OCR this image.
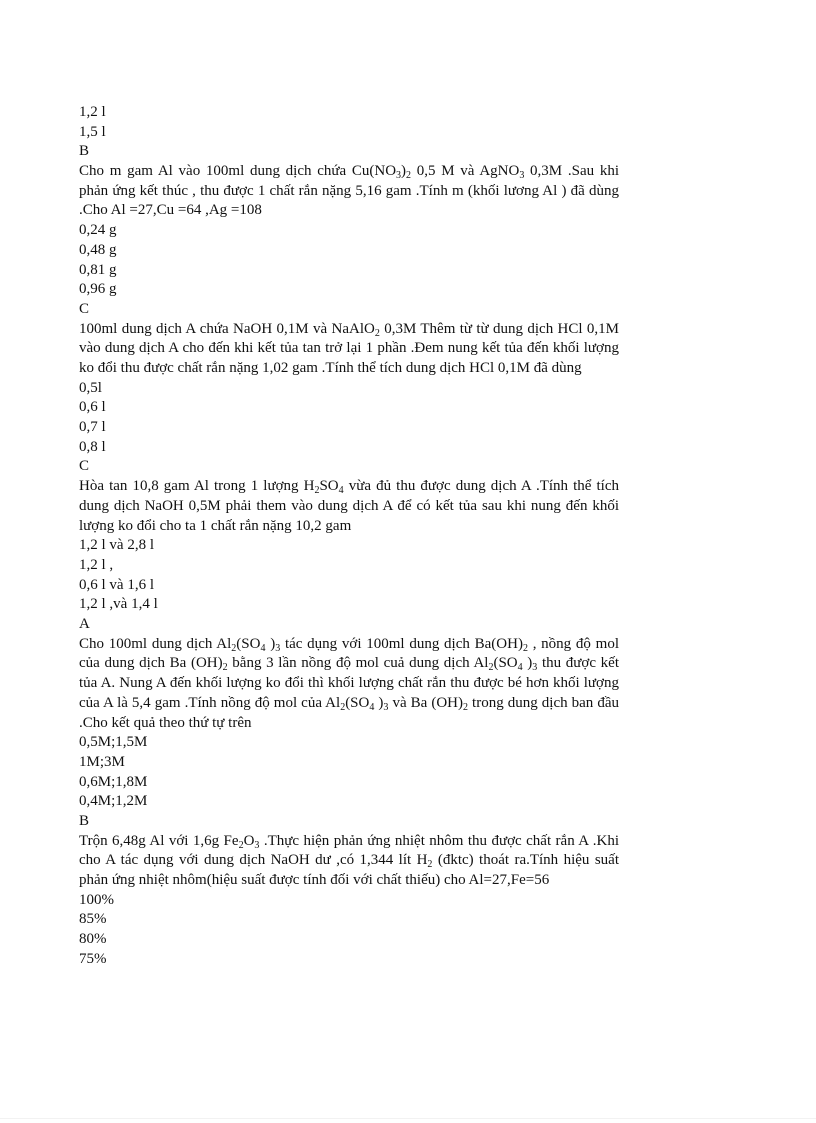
1,2 l
1,5 l
B
Cho m gam Al vào 100ml dung dịch chứa $Cu(NO_3)_2$ 0,5 M và AgNO$_3$ 0,3M .Sau khi phản ứng kết thúc , thu được 1 chất rắn nặng 5,16 gam .Tính m (khối lương Al ) đã dùng .Cho Al =27,Cu =64 ,Ag =108
0,24 g
0,48 g
0,81 g
0,96 g
C
100ml dung dịch A chứa NaOH 0,1M và NaAlO$_2$ 0,3M Thêm từ từ dung dịch HCl 0,1M vào dung dịch A cho đến khi kết tủa tan trở lại 1 phần .Đem nung kết tủa đến khối lượng ko đổi thu được chất rắn nặng 1,02 gam .Tính thể tích dung dịch HCl 0,1M đã dùng
0,5l
0,6 l
0,7 l
0,8 l
C
Hòa tan 10,8 gam Al trong 1 lượng $H_2SO_4$ vừa đủ thu được dung dịch A .Tính thể tích dung dịch NaOH 0,5M phải them vào dung dịch A để có kết tủa sau khi nung đến khối lượng ko đổi cho ta 1 chất rắn nặng 10,2 gam
1,2 l và 2,8 l
1,2 l ,
0,6 l và 1,6 l
1,2 l ,và 1,4 l
A
Cho 100ml dung dịch $Al_2(SO_4$ )$_3$ tác dụng với 100ml dung dịch $Ba(OH)_2$ , nồng độ mol của dung dịch Ba $(OH)_2$ bằng 3 lần nồng độ mol cuả dung dịch $Al_2(SO_4$ )$_3$ thu được kết tủa A. Nung A đến khối lượng ko đổi thì khối lượng chất rắn thu được bé hơn khối lượng của A là 5,4 gam .Tính nồng độ mol của $Al_2(SO_4$ )$_3$ và Ba $(OH)_2$ trong dung dịch ban đầu .Cho kết quả theo thứ tự trên
0,5M;1,5M
1M;3M
0,6M;1,8M
0,4M;1,2M
B
Trộn 6,48g Al với 1,6g $Fe_2O_3$ .Thực hiện phản ứng nhiệt nhôm thu được chất rắn A .Khi cho A tác dụng với dung dịch NaOH dư ,có 1,344 lít $H_2$ (đktc) thoát ra.Tính hiệu suất phản ứng nhiệt nhôm(hiệu suất được tính đối với chất thiếu) cho Al=27,Fe=56
100%
85%
80%
75%
